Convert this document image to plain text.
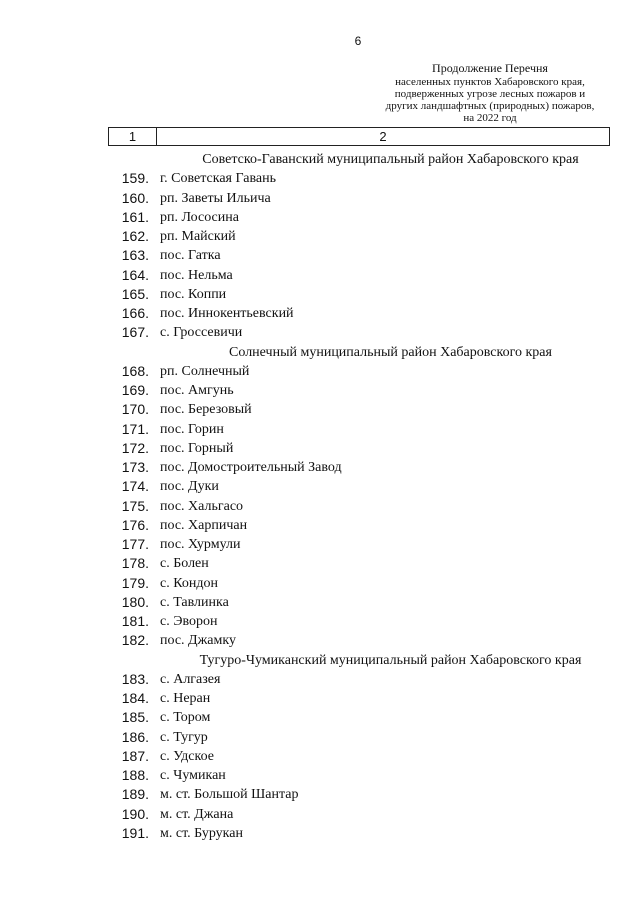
6
Продолжение Перечня
населенных пунктов Хабаровского края,
подверженных угрозе лесных пожаров и
других ландшафтных (природных) пожаров,
на 2022 год
1	2
Советско-Гаванский муниципальный район Хабаровского края
159. г. Советская Гавань
160. рп. Заветы Ильича
161. рп. Лососина
162. рп. Майский
163. пос. Гатка
164. пос. Нельма
165. пос. Коппи
166. пос. Иннокентьевский
167. с. Гроссевичи
Солнечный муниципальный район Хабаровского края
168. рп. Солнечный
169. пос. Амгунь
170. пос. Березовый
171. пос. Горин
172. пос. Горный
173. пос. Домостроительный Завод
174. пос. Дуки
175. пос. Хальгасо
176. пос. Харпичан
177. пос. Хурмули
178. с. Болен
179. с. Кондон
180. с. Тавлинка
181. с. Эворон
182. пос. Джамку
Тугуро-Чумиканский муниципальный район Хабаровского края
183. с. Алгазея
184. с. Неран
185. с. Тором
186. с. Тугур
187. с. Удское
188. с. Чумикан
189. м. ст. Большой Шантар
190. м. ст. Джана
191. м. ст. Бурукан
